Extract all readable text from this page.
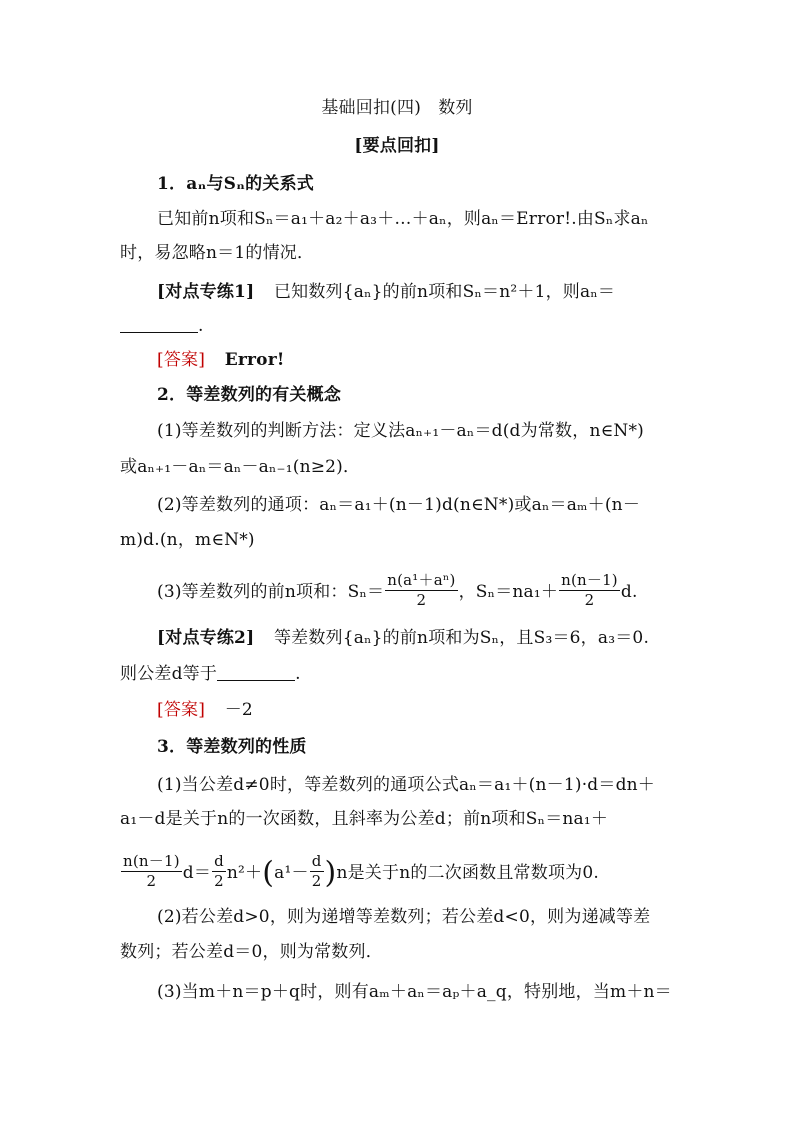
基础回扣(四)　数列
[要点回扣]
1．aₙ与Sₙ的关系式
已知前n项和Sₙ＝a₁＋a₂＋a₃＋…＋aₙ，则aₙ＝Error!.由Sₙ求aₙ
时，易忽略n＝1的情况．
[对点专练1] 已知数列{aₙ}的前n项和Sₙ＝n²＋1，则aₙ＝
.
[答案] Error!
2．等差数列的有关概念
(1)等差数列的判断方法：定义法aₙ₊₁－aₙ＝d(d为常数，n∈N*)
或aₙ₊₁－aₙ＝aₙ－aₙ₋₁(n≥2)．
(2)等差数列的通项：aₙ＝a₁＋(n－1)d(n∈N*)或aₙ＝aₘ＋(n－
m)d.(n，m∈N*)
(3)等差数列的前n项和：$S_n= \frac{\text{n(a¹＋aⁿ)}}{2}$ ，$S_n=na_1+ \frac{n(n-1)}{2} d$.
[对点专练2] 等差数列{aₙ}的前n项和为Sₙ，且S₃＝6，a₃＝0.
则公差d等于	.
[答案] －2
3．等差数列的性质
(1)当公差d≠0时，等差数列的通项公式aₙ＝a₁＋(n－1)·d＝dn＋
a₁－d是关于n的一次函数，且斜率为公差d；前n项和Sₙ＝na₁＋
$\frac{n(n-1)}{2} d= \frac{d}{2} n^2+(a^1- \frac{d}{2} )n$是关于n的二次函数且常数项为0.
(2)若公差d>0，则为递增等差数列；若公差d<0，则为递减等差
数列；若公差d＝0，则为常数列．
(3)当m＋n＝p＋q时，则有aₘ＋aₙ＝aₚ＋a_q，特别地，当m＋n＝
